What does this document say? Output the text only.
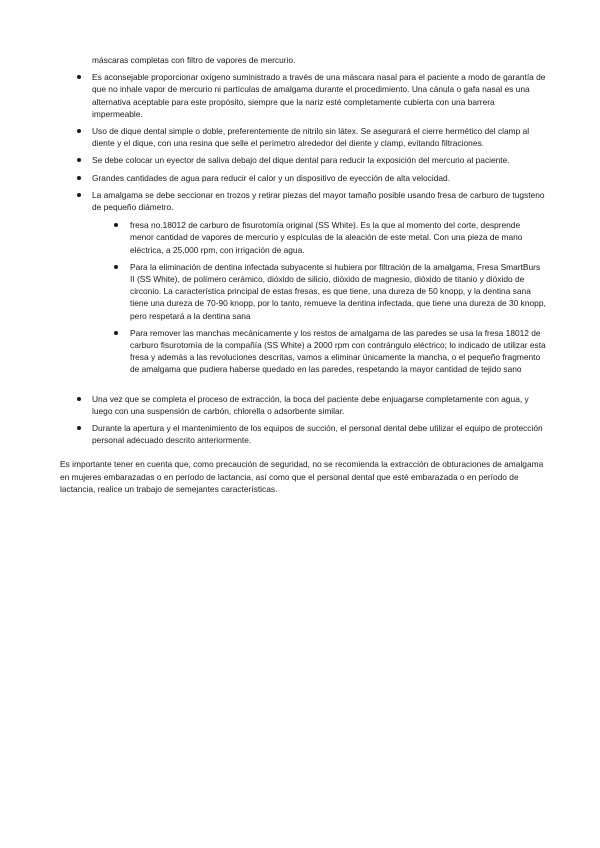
máscaras completas con filtro de vapores de mercurio.

Es aconsejable proporcionar oxígeno suministrado a través de una máscara nasal para el paciente a modo de garantía de que no inhale vapor de mercurio ni partículas de amalgama durante el procedimiento. Una cánula o gafa nasal es una alternativa aceptable para este propósito, siempre que la nariz esté completamente cubierta con una barrera impermeable.
Uso de dique dental simple o doble, preferentemente de nitrilo sin látex. Se asegurará el cierre hermético del clamp al diente y el dique, con una resina que selle el perímetro alrededor del diente y clamp, evitando filtraciones.
Se debe colocar un eyector de saliva debajo del dique dental para reducir la exposición del mercurio al paciente.
Grandes cantidades de agua para reducir el calor y un dispositivo de eyección de alta velocidad.
La amalgama se debe seccionar en trozos y retirar piezas del mayor tamaño posible usando fresa de carburo de tugsteno de pequeño diámetro.
fresa no.18012 de carburo de fisurotomía original (SS White). Es la que al momento del corte, desprende menor cantidad de vapores de mercurio y espículas de la aleación de este metal. Con una pieza de mano eléctrica, a 25,000 rpm, con irrigación de agua.
Para la eliminación de dentina infectada subyacente si hubiera por filtración de la amalgama, Fresa SmartBurs II (SS White), de polímero cerámico, dióxido de silicio, dióxido de magnesio, dióxido de titanio y dióxido de circonio. La característica principal de estas fresas, es que tiene, una dureza de 50 knopp, y la dentina sana tiene una dureza de 70-90 knopp, por lo tanto, remueve la dentina infectada, que tiene una dureza de 30 knopp, pero respetará a la dentina sana
Para remover las manchas mecánicamente y los restos de amalgama de las paredes se usa la fresa 18012 de carburo fisurotomía de la compañía (SS White) a 2000 rpm con contrángulo eléctrico; lo indicado de utilizar esta fresa y además a las revoluciones descritas, vamos a eliminar únicamente la mancha, o el pequeño fragmento de amalgama que pudiera haberse quedado en las paredes, respetando la mayor cantidad de tejido sano
Una vez que se completa el proceso de extracción, la boca del paciente debe enjuagarse completamente con agua, y luego con una suspensión de carbón, chlorella o adsorbente similar.
Durante la apertura y el mantenimiento de los equipos de succión, el personal dental debe utilizar el equipo de protección personal adecuado descrito anteriormente.

Es importante tener en cuenta que, como precaución de seguridad, no se recomienda la extracción de obturaciones de amalgama en mujeres embarazadas o en período de lactancia, así como que el personal dental que esté embarazada o en período de lactancia, realice un trabajo de semejantes características.
